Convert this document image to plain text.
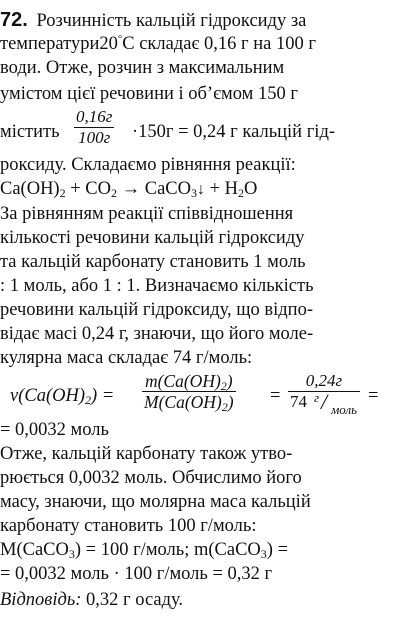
72. Розчинність кальцій гідроксиду за
температури20°C складає 0,16 г на 100 г
води. Отже, розчин з максимальним
умістом цієї речовини і об’ємом 150 г
містить
0,16г
100г ·150г = 0,24 г кальцій гід-
роксиду. Складаємо рівняння реакції:
$Ca(OH)_2 + CO_2$ → CaCO$_3$↓ + $H_2O$
За рівнянням реакції співвідношення
кількості речовини кальцій гідроксиду
та кальцій карбонату становить 1 моль
: 1 моль, або 1 : 1. Визначаємо кількість
речовини кальцій гідроксиду, що відпо-
відає масі 0,24 г, знаючи, що його моле-
кулярна маса складає 74 г/моль:
$\nu(Ca(OH)_2)$ =	$\frac{m(Ca(OH)_2)}{M(Ca(OH)_2)}$ =
0,24г
74 г / моль
=
= 0,0032 моль
Отже, кальцій карбонату також утво-
рюється 0,0032 моль. Обчислимо його
масу, знаючи, що молярна маса кальцій
карбонату становить 100 г/моль:
M(CaCO$_3$) = 100 г/моль; m(CaCO$_3$) =
= 0,0032 моль · 100 г/моль = 0,32 г
Відповідь: 0,32 г осаду.
